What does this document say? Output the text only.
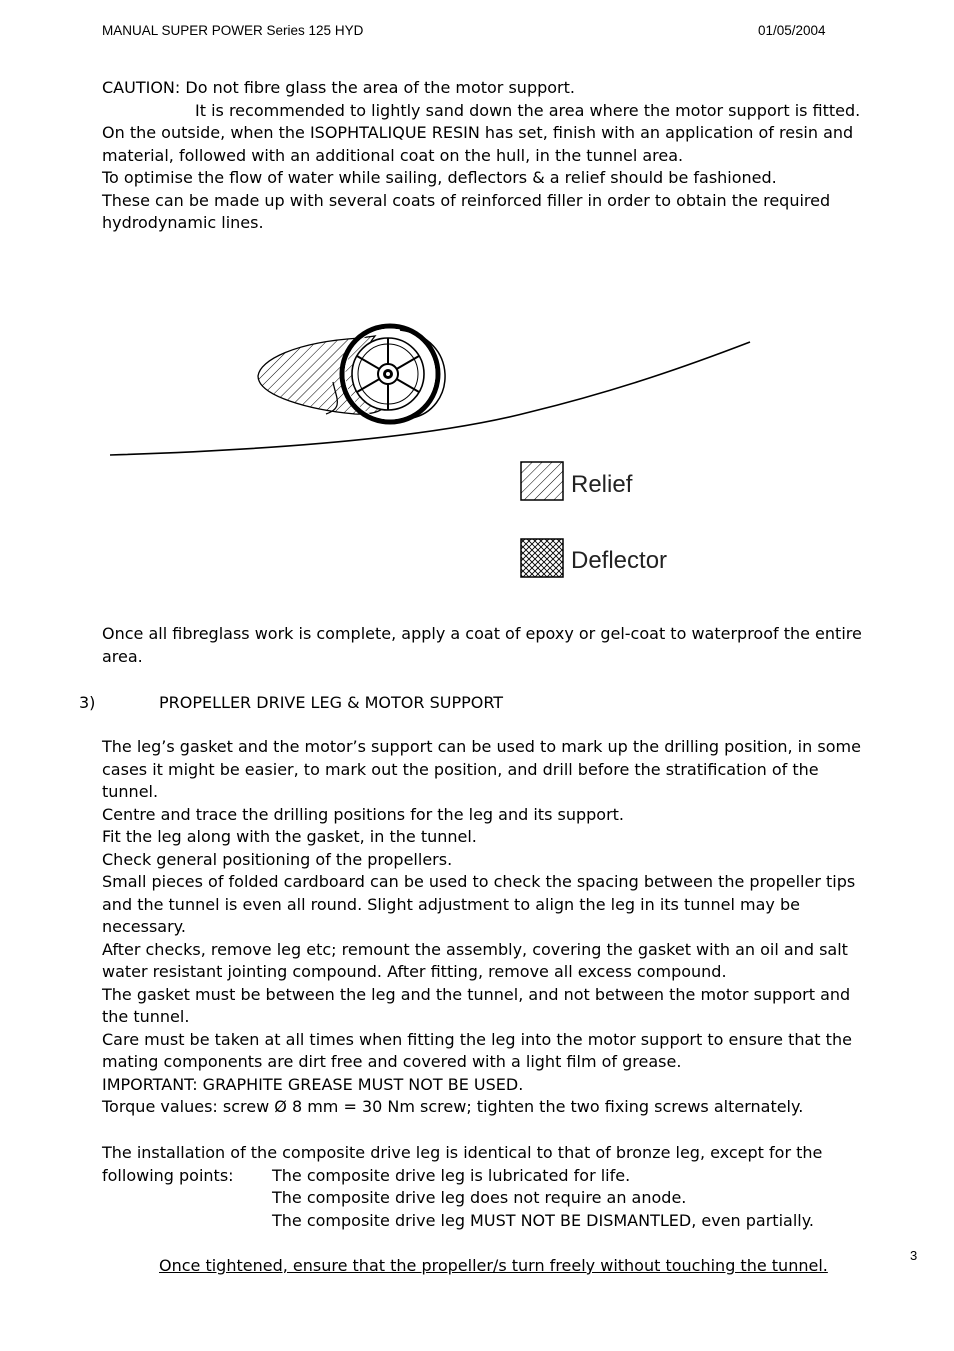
MANUAL SUPER POWER Series 125 HYD	01/05/2004

CAUTION: Do not fibre glass the area of the motor support.

It is recommended to lightly sand down the area where the motor support is fitted.

On the outside, when the ISOPHTALIQUE RESIN has set, finish with an application of resin and material, followed with an additional coat on the hull, in the tunnel area.

To optimise the flow of water while sailing, deflectors & a relief should be fashioned.

These can be made up with several coats of reinforced filler in order to obtain the required hydrodynamic lines.

Relief
Deflector
Once all fibreglass work is complete, apply a coat of epoxy or gel-coat to waterproof the entire area.
3)	PROPELLER DRIVE LEG & MOTOR SUPPORT

The leg’s gasket and the motor’s support can be used to mark up the drilling position, in some cases it might be easier, to mark out the position, and drill before the stratification of the tunnel.

Centre and trace the drilling positions for the leg and its support.

Fit the leg along with the gasket, in the tunnel.

Check general positioning of the propellers.

Small pieces of folded cardboard can be used to check the spacing between the propeller tips and the tunnel is even all round. Slight adjustment to align the leg in its tunnel may be necessary.

After checks, remove leg etc; remount the assembly, covering the gasket with an oil and salt water resistant jointing compound. After fitting, remove all excess compound.

The gasket must be between the leg and the tunnel, and not between the motor support and the tunnel.

Care must be taken at all times when fitting the leg into the motor support to ensure that the mating components are dirt free and covered with a light film of grease.

IMPORTANT: GRAPHITE GREASE MUST NOT BE USED.

Torque values: screw Ø 8 mm = 30 Nm screw; tighten the two fixing screws alternately.

The installation of the composite drive leg is identical to that of bronze leg, except for the

following points: The composite drive leg is lubricated for life.

The composite drive leg does not require an anode.

The composite drive leg MUST NOT BE DISMANTLED, even partially.

Once tightened, ensure that the propeller/s turn freely without touching the tunnel.
3
